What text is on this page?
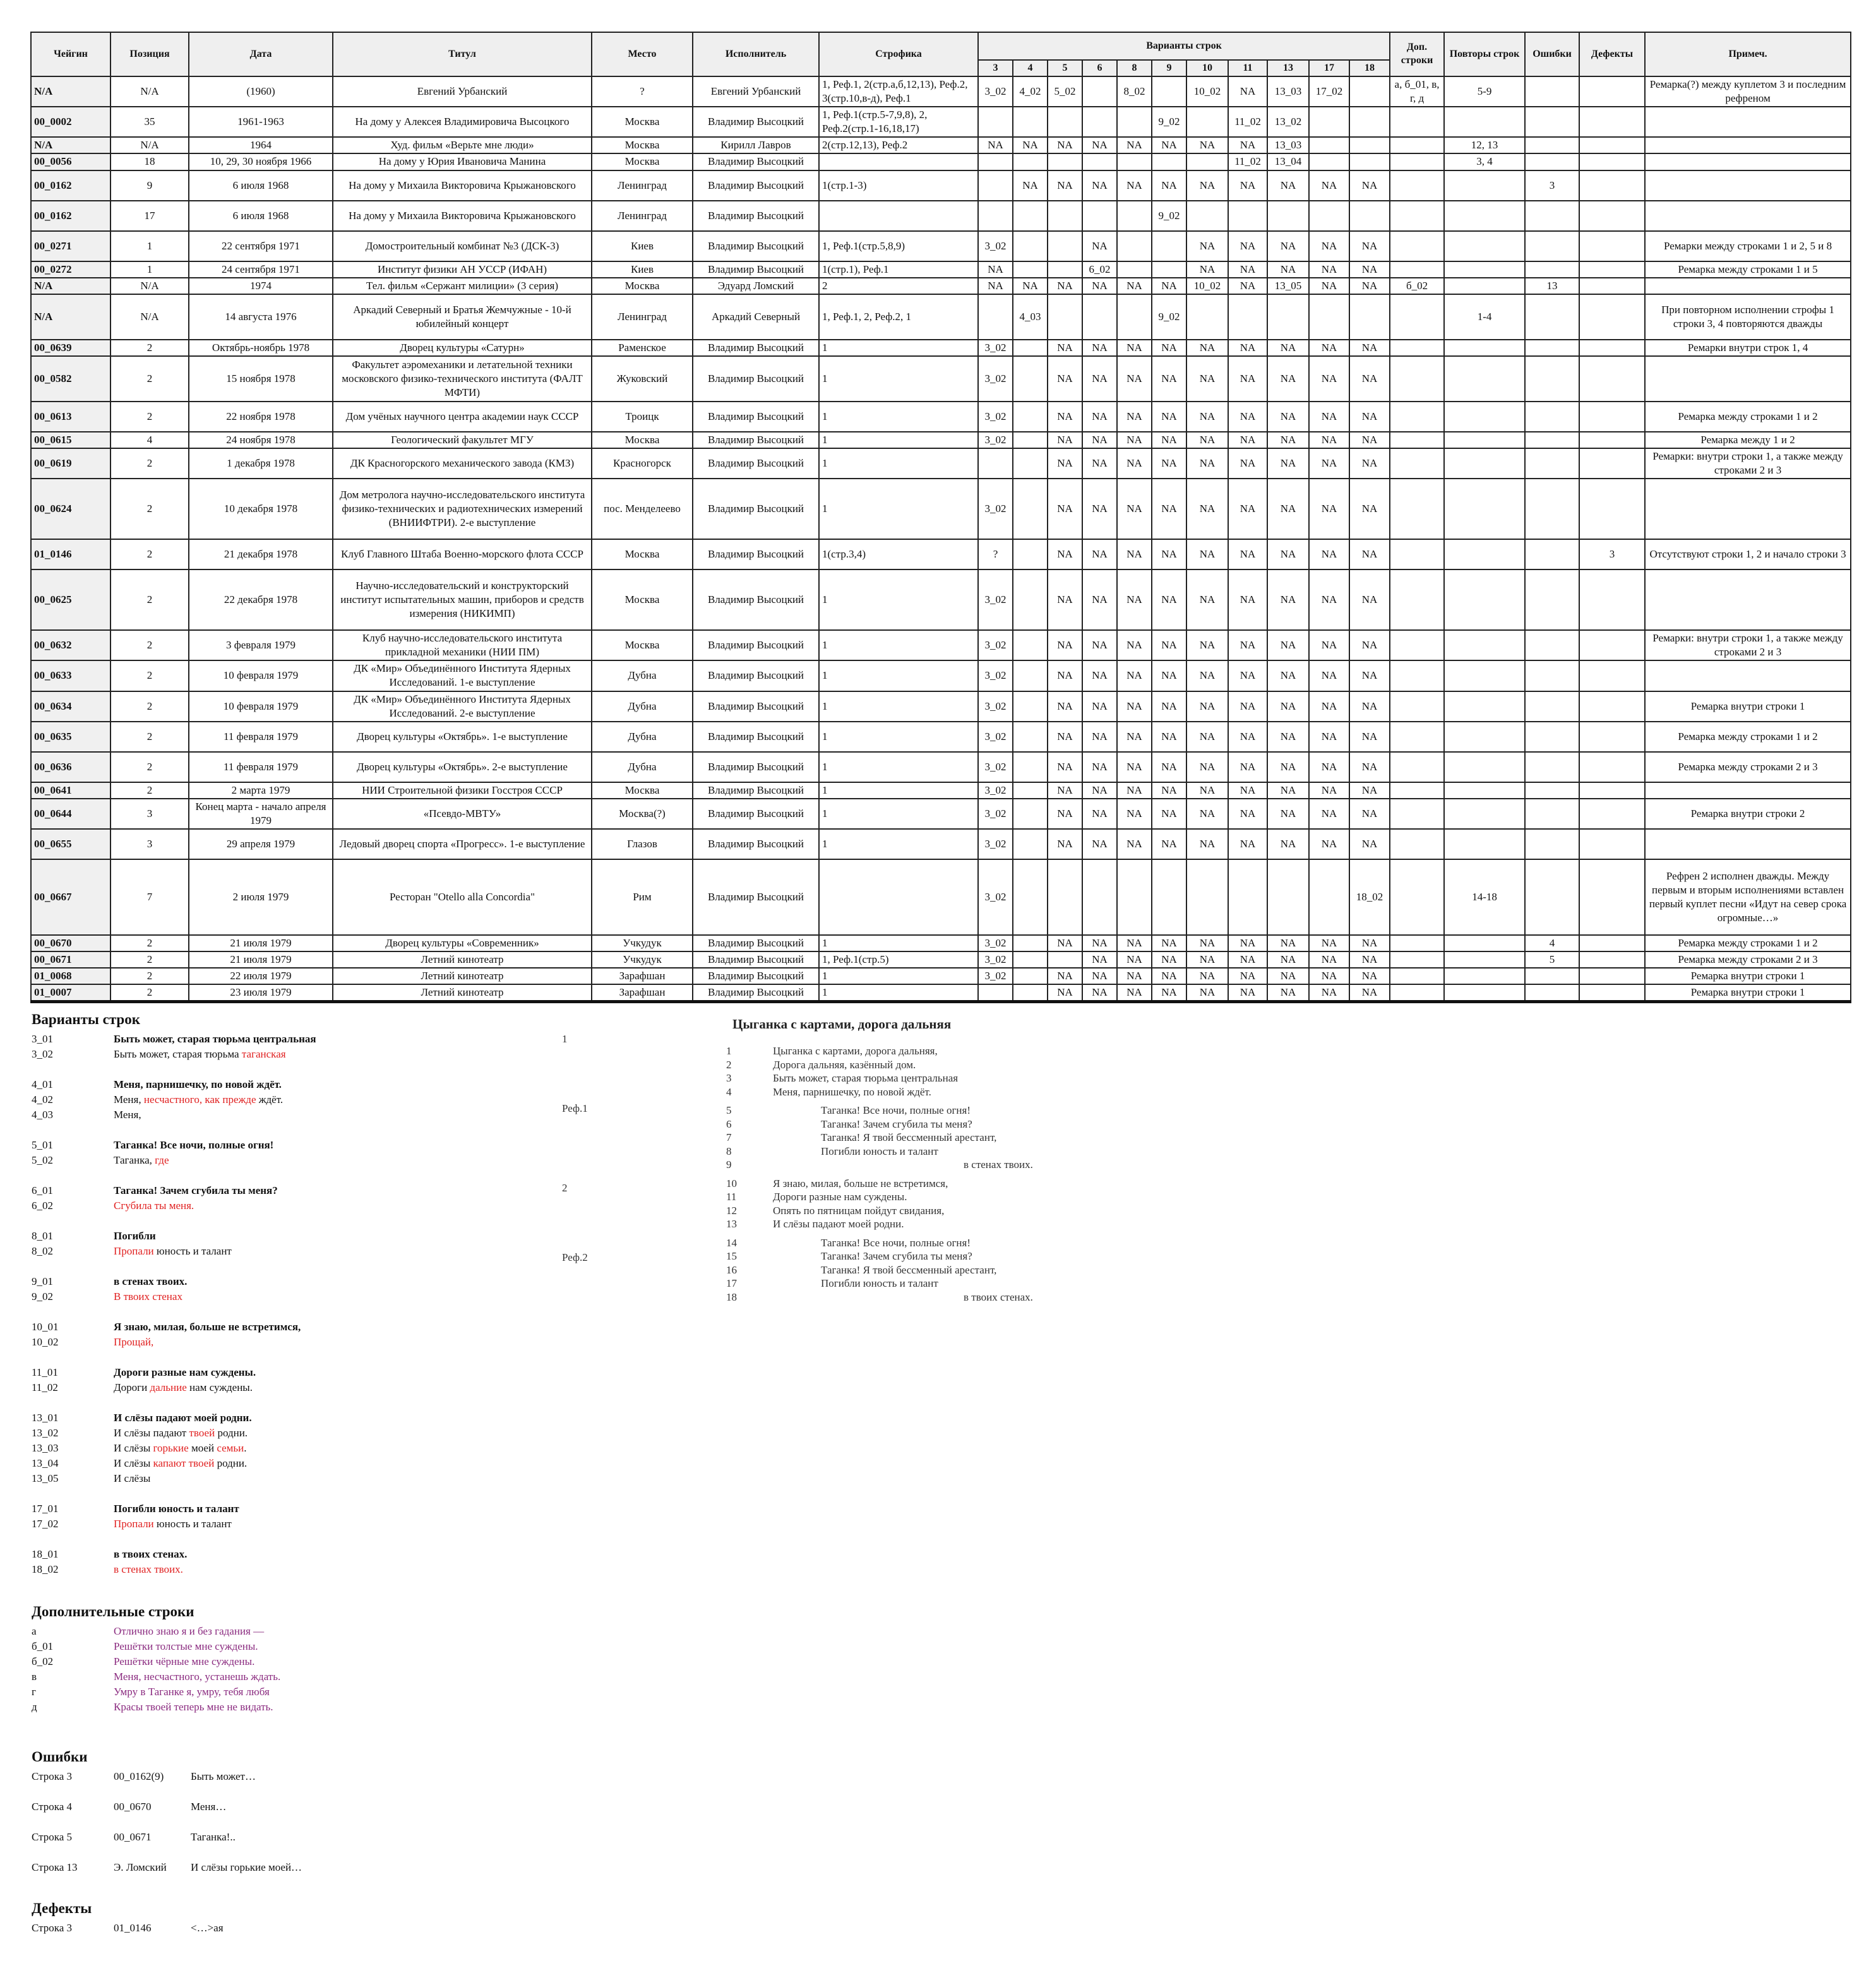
Чейгин	Позиция	Дата	Титул	Место	Исполнитель	Строфика	Варианты строк											Доп. строки	Повторы строк	Ошибки	Дефекты	Примеч.
							3	4	5	6	8	9	10	11	13	17	18					
N/A	N/A	(1960)	Евгений Урбанский	?	Евгений Урбанский	1, Реф.1, 2(стр.а,б,12,13), Реф.2, 3(стр.10,в-д), Реф.1	3_02	4_02	5_02		8_02		10_02	NA	13_03	17_02		а, б_01, в, г, д	5-9			Ремарка(?) между куплетом 3 и последним рефреном
00_0002	35	1961-1963	На дому у Алексея Владимировича Высоцкого	Москва	Владимир Высоцкий	1, Реф.1(стр.5-7,9,8), 2, Реф.2(стр.1-16,18,17)						9_02		11_02	13_02							
N/A	N/A	1964	Худ. фильм «Верьте мне люди»	Москва	Кирилл Лавров	2(стр.12,13), Реф.2	NA	NA	NA	NA	NA	NA	NA	NA	13_03				12, 13			
00_0056	18	10, 29, 30 ноября 1966	На дому у Юрия Ивановича Манина	Москва	Владимир Высоцкий									11_02	13_04				3, 4			
00_0162	9	6 июля 1968	На дому у Михаила Викторовича Крыжановского	Ленинград	Владимир Высоцкий	1(стр.1-3)		NA	NA	NA	NA	NA	NA	NA	NA	NA	NA			3		
00_0162	17	6 июля 1968	На дому у Михаила Викторовича Крыжановского	Ленинград	Владимир Высоцкий							9_02										
00_0271	1	22 сентября 1971	Домостроительный комбинат №3 (ДСК-3)	Киев	Владимир Высоцкий	1, Реф.1(стр.5,8,9)	3_02			NA			NA	NA	NA	NA	NA					Ремарки между строками 1 и 2, 5 и 8
00_0272	1	24 сентября 1971	Институт физики АН УССР (ИФАН)	Киев	Владимир Высоцкий	1(стр.1), Реф.1	NA			6_02			NA	NA	NA	NA	NA					Ремарка между строками 1 и 5
N/A	N/A	1974	Тел. фильм «Сержант милиции» (3 серия)	Москва	Эдуард Ломский	2	NA	NA	NA	NA	NA	NA	10_02	NA	13_05	NA	NA	б_02		13		
N/A	N/A	14 августа 1976	Аркадий Северный и Братья Жемчужные - 10-й юбилейный концерт	Ленинград	Аркадий Северный	1, Реф.1, 2, Реф.2, 1		4_03				9_02							1-4			При повторном исполнении строфы 1 строки 3, 4 повторяются дважды
00_0639	2	Октябрь-ноябрь 1978	Дворец культуры «Сатурн»	Раменское	Владимир Высоцкий	1	3_02		NA	NA	NA	NA	NA	NA	NA	NA	NA					Ремарки внутри строк 1, 4
00_0582	2	15 ноября 1978	Факультет аэромеханики и летательной техники московского физико-технического института (ФАЛТ МФТИ)	Жуковский	Владимир Высоцкий	1	3_02		NA	NA	NA	NA	NA	NA	NA	NA	NA					
00_0613	2	22 ноября 1978	Дом учёных научного центра академии наук СССР	Троицк	Владимир Высоцкий	1	3_02		NA	NA	NA	NA	NA	NA	NA	NA	NA					Ремарка между строками 1 и 2
00_0615	4	24 ноября 1978	Геологический факультет МГУ	Москва	Владимир Высоцкий	1	3_02		NA	NA	NA	NA	NA	NA	NA	NA	NA					Ремарка между 1 и 2
00_0619	2	1 декабря 1978	ДК Красногорского механического завода (КМЗ)	Красногорск	Владимир Высоцкий	1			NA	NA	NA	NA	NA	NA	NA	NA	NA					Ремарки: внутри строки 1, а также между строками 2 и 3
00_0624	2	10 декабря 1978	Дом метролога научно-исследовательского института физико-технических и радиотехнических измерений (ВНИИФТРИ). 2-е выступление	пос. Менделеево	Владимир Высоцкий	1	3_02		NA	NA	NA	NA	NA	NA	NA	NA	NA					
01_0146	2	21 декабря 1978	Клуб Главного Штаба Военно-морского флота СССР	Москва	Владимир Высоцкий	1(стр.3,4)	?		NA	NA	NA	NA	NA	NA	NA	NA	NA				3	Отсутствуют строки 1, 2 и начало строки 3
00_0625	2	22 декабря 1978	Научно-исследовательский и конструкторский институт испытательных машин, приборов и средств измерения (НИКИМП)	Москва	Владимир Высоцкий	1	3_02		NA	NA	NA	NA	NA	NA	NA	NA	NA					
00_0632	2	3 февраля 1979	Клуб научно-исследовательского института прикладной механики (НИИ ПМ)	Москва	Владимир Высоцкий	1	3_02		NA	NA	NA	NA	NA	NA	NA	NA	NA					Ремарки: внутри строки 1, а также между строками 2 и 3
00_0633	2	10 февраля 1979	ДК «Мир» Объединённого Института Ядерных Исследований. 1-е выступление	Дубна	Владимир Высоцкий	1	3_02		NA	NA	NA	NA	NA	NA	NA	NA	NA					
00_0634	2	10 февраля 1979	ДК «Мир» Объединённого Института Ядерных Исследований. 2-е выступление	Дубна	Владимир Высоцкий	1	3_02		NA	NA	NA	NA	NA	NA	NA	NA	NA					Ремарка внутри строки 1
00_0635	2	11 февраля 1979	Дворец культуры «Октябрь». 1-е выступление	Дубна	Владимир Высоцкий	1	3_02		NA	NA	NA	NA	NA	NA	NA	NA	NA					Ремарка между строками 1 и 2
00_0636	2	11 февраля 1979	Дворец культуры «Октябрь». 2-е выступление	Дубна	Владимир Высоцкий	1	3_02		NA	NA	NA	NA	NA	NA	NA	NA	NA					Ремарка между строками 2 и 3
00_0641	2	2 марта 1979	НИИ Строительной физики Госстроя СССР	Москва	Владимир Высоцкий	1	3_02		NA	NA	NA	NA	NA	NA	NA	NA	NA					
00_0644	3	Конец марта - начало апреля 1979	«Псевдо-МВТУ»	Москва(?)	Владимир Высоцкий	1	3_02		NA	NA	NA	NA	NA	NA	NA	NA	NA					Ремарка внутри строки 2
00_0655	3	29 апреля 1979	Ледовый дворец спорта «Прогресс». 1-е выступление	Глазов	Владимир Высоцкий	1	3_02		NA	NA	NA	NA	NA	NA	NA	NA	NA					
00_0667	7	2 июля 1979	Ресторан "Otello alla Concordia"	Рим	Владимир Высоцкий		3_02										18_02		14-18			Рефрен 2 исполнен дважды. Между первым и вторым исполнениями вставлен первый куплет песни «Идут на север срока огромные…»
00_0670	2	21 июля 1979	Дворец культуры «Современник»	Учкудук	Владимир Высоцкий	1	3_02		NA	NA	NA	NA	NA	NA	NA	NA	NA			4		Ремарка между строками 1 и 2
00_0671	2	21 июля 1979	Летний кинотеатр	Учкудук	Владимир Высоцкий	1, Реф.1(стр.5)	3_02			NA	NA	NA	NA	NA	NA	NA	NA			5		Ремарка между строками 2 и 3
01_0068	2	22 июля 1979	Летний кинотеатр	Зарафшан	Владимир Высоцкий	1	3_02		NA	NA	NA	NA	NA	NA	NA	NA	NA					Ремарка внутри строки 1
01_0007	2	23 июля 1979	Летний кинотеатр	Зарафшан	Владимир Высоцкий	1			NA	NA	NA	NA	NA	NA	NA	NA	NA					Ремарка внутри строки 1
Варианты строк
3_01	Быть может, старая тюрьма центральная
3_02	Быть может, старая тюрьма таганская
4_01	Меня, парнишечку, по новой ждёт.
4_02	Меня, несчастного, как прежде ждёт.
4_03	Меня,
5_01	Таганка! Все ночи, полные огня!
5_02	Таганка, где
6_01	Таганка! Зачем сгубила ты меня?
6_02	Сгубила ты меня.
8_01	Погибли
8_02	Пропали юность и талант
9_01	в стенах твоих.
9_02	В твоих стенах
10_01	Я знаю, милая, больше не встретимся,
10_02	Прощай,
11_01	Дороги разные нам суждены.
11_02	Дороги дальние нам суждены.
13_01	И слёзы падают моей родни.
13_02	И слёзы падают твоей родни.
13_03	И слёзы горькие моей семьи.
13_04	И слёзы капают твоей родни.
13_05	И слёзы
17_01	Погибли юность и талант
17_02	Пропали юность и талант
18_01	в твоих стенах.
18_02	в стенах твоих.
Цыганка с картами, дорога дальняя
1	Цыганка с картами, дорога дальняя,
2	Дорога дальняя, казённый дом.
3	Быть может, старая тюрьма центральная
4	Меня, парнишечку, по новой ждёт.
5	Таганка! Все ночи, полные огня!
6	Таганка! Зачем сгубила ты меня?
7	Таганка! Я твой бессменный арестант,
8	Погибли юность и талант
9	в стенах твоих.
10	Я знаю, милая, больше не встретимся,
11	Дороги разные нам суждены.
12	Опять по пятницам пойдут свидания,
13	И слёзы падают моей родни.
14	Таганка! Все ночи, полные огня!
15	Таганка! Зачем сгубила ты меня?
16	Таганка! Я твой бессменный арестант,
17	Погибли юность и талант
18	в твоих стенах.
1
Реф.1
2
Реф.2
Дополнительные строки
а	Отлично знаю я и без гадания —
б_01	Решётки толстые мне суждены.
б_02	Решётки чёрные мне суждены.
в	Меня, несчастного, устанешь ждать.
г	Умру в Таганке я, умру, тебя любя
д	Красы твоей теперь мне не видать.
Ошибки
Строка 3	00_0162(9)	Быть может…
Строка 4	00_0670	Меня…
Строка 5	00_0671	Таганка!..
Строка 13	Э. Ломский И слёзы горькие моей…
Дефекты
Строка 3	01_0146	<…>ая
